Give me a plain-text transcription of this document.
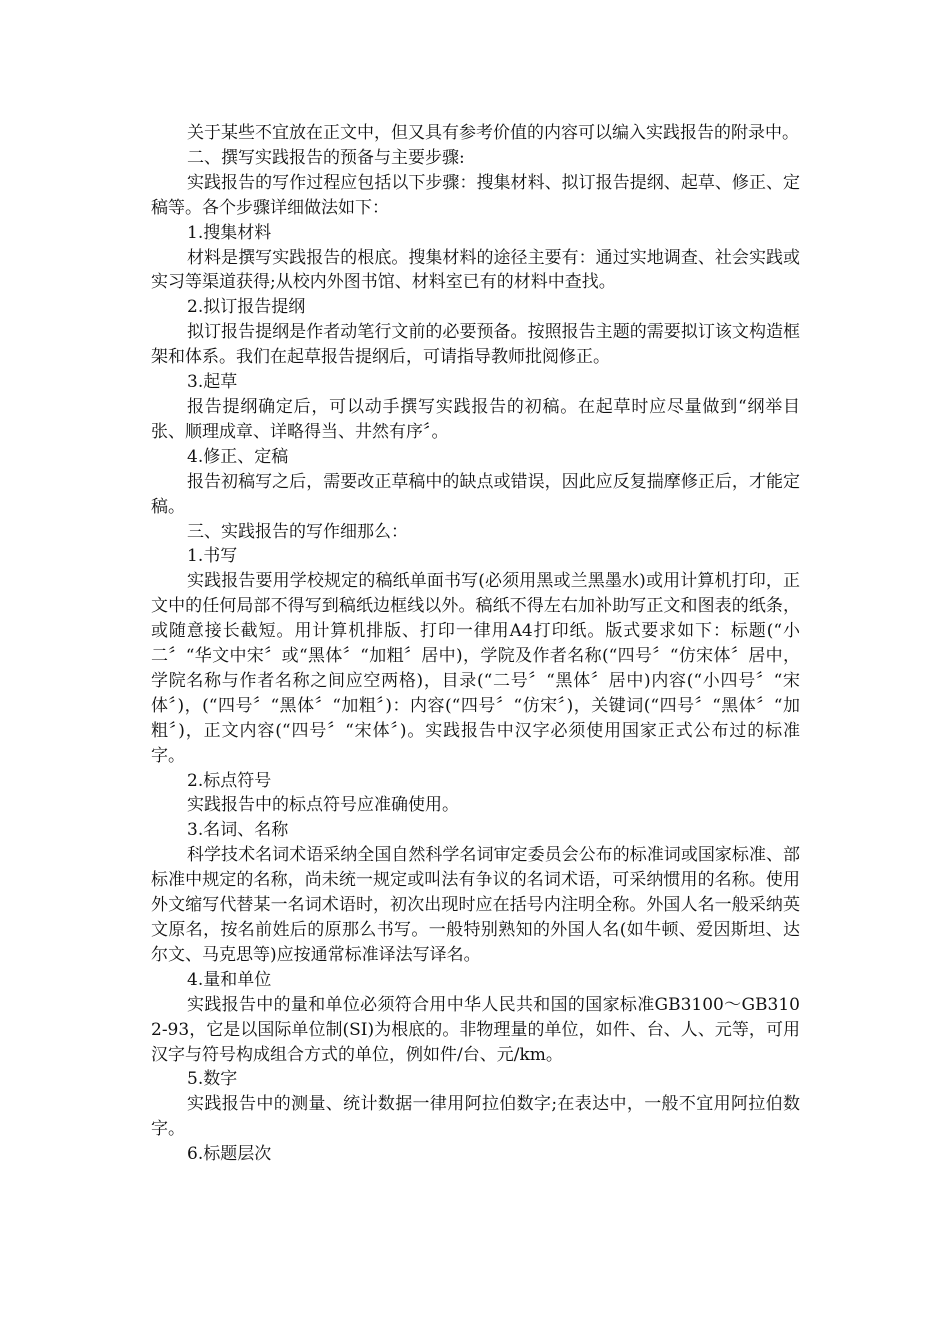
关于某些不宜放在正文中，但又具有参考价值的内容可以编入实践报告的附录中。

二、撰写实践报告的预备与主要步骤:

实践报告的写作过程应包括以下步骤：搜集材料、拟订报告提纲、起草、修正、定稿等。各个步骤详细做法如下：

1.搜集材料

材料是撰写实践报告的根底。搜集材料的途径主要有：通过实地调查、社会实践或实习等渠道获得;从校内外图书馆、材料室已有的材料中查找。

2.拟订报告提纲

拟订报告提纲是作者动笔行文前的必要预备。按照报告主题的需要拟订该文构造框架和体系。我们在起草报告提纲后，可请指导教师批阅修正。

3.起草

报告提纲确定后，可以动手撰写实践报告的初稿。在起草时应尽量做到“纲举目张、顺理成章、详略得当、井然有序〞。

4.修正、定稿

报告初稿写之后，需要改正草稿中的缺点或错误，因此应反复揣摩修正后，才能定稿。

三、实践报告的写作细那么：

1.书写

实践报告要用学校规定的稿纸单面书写(必须用黑或兰黑墨水)或用计算机打印，正文中的任何局部不得写到稿纸边框线以外。稿纸不得左右加补助写正文和图表的纸条，或随意接长截短。用计算机排版、打印一律用A4打印纸。版式要求如下：标题(“小二〞“华文中宋〞或“黑体〞“加粗〞居中)，学院及作者名称(“四号〞“仿宋体〞居中，学院名称与作者名称之间应空两格)，目录(“二号〞“黑体〞居中)内容(“小四号〞“宋体〞)，(“四号〞“黑体〞“加粗〞)：内容(“四号〞“仿宋〞)，关键词(“四号〞“黑体〞“加粗〞)，正文内容(“四号〞“宋体〞)。实践报告中汉字必须使用国家正式公布过的标准字。

2.标点符号

实践报告中的标点符号应准确使用。

3.名词、名称

科学技术名词术语采纳全国自然科学名词审定委员会公布的标准词或国家标准、部标准中规定的名称，尚未统一规定或叫法有争议的名词术语，可采纳惯用的名称。使用外文缩写代替某一名词术语时，初次出现时应在括号内注明全称。外国人名一般采纳英文原名，按名前姓后的原那么书写。一般特别熟知的外国人名(如牛顿、爱因斯坦、达尔文、马克思等)应按通常标准译法写译名。

4.量和单位

实践报告中的量和单位必须符合用中华人民共和国的国家标准GB3100～GB3102-93，它是以国际单位制(SI)为根底的。非物理量的单位，如件、台、人、元等，可用汉字与符号构成组合方式的单位，例如件/台、元/km。

5.数字

实践报告中的测量、统计数据一律用阿拉伯数字;在表达中，一般不宜用阿拉伯数字。

6.标题层次
